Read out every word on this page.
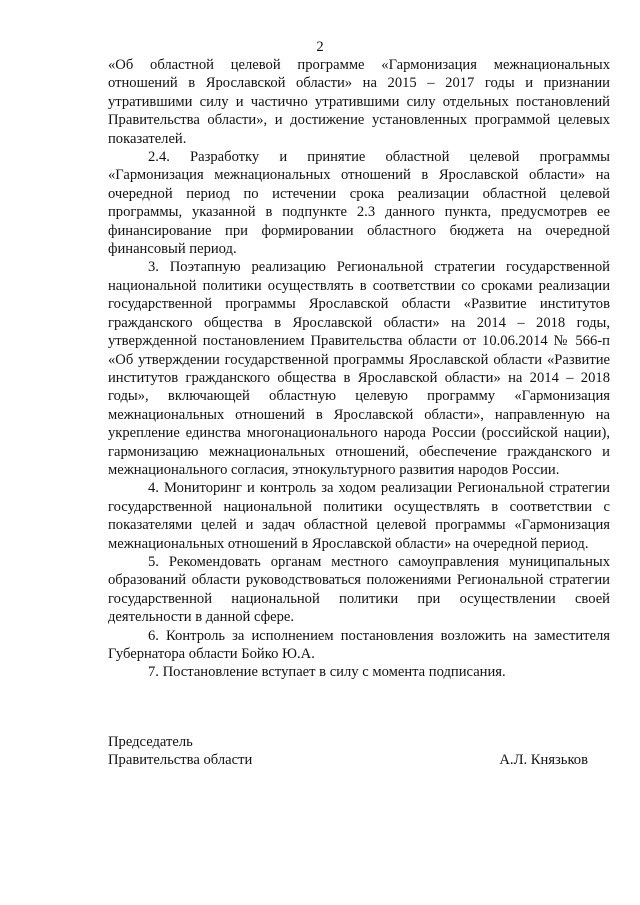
2

«Об областной целевой программе «Гармонизация межнациональных отношений в Ярославской области» на 2015 – 2017 годы и признании утратившими силу и частично утратившими силу отдельных постановлений Правительства области», и достижение установленных программой целевых показателей.

2.4. Разработку и принятие областной целевой программы «Гармонизация межнациональных отношений в Ярославской области» на очередной период по истечении срока реализации областной целевой программы, указанной в подпункте 2.3 данного пункта, предусмотрев ее финансирование при формировании областного бюджета на очередной финансовый период.

3. Поэтапную реализацию Региональной стратегии государственной национальной политики осуществлять в соответствии со сроками реализации государственной программы Ярославской области «Развитие институтов гражданского общества в Ярославской области» на 2014 – 2018 годы, утвержденной постановлением Правительства области от 10.06.2014 № 566-п «Об утверждении государственной программы Ярославской области «Развитие институтов гражданского общества в Ярославской области» на 2014 – 2018 годы», включающей областную целевую программу «Гармонизация межнациональных отношений в Ярославской области», направленную на укрепление единства многонационального народа России (российской нации), гармонизацию межнациональных отношений, обеспечение гражданского и межнационального согласия, этнокультурного развития народов России.

4. Мониторинг и контроль за ходом реализации Региональной стратегии государственной национальной политики осуществлять в соответствии с показателями целей и задач областной целевой программы «Гармонизация межнациональных отношений в Ярославской области» на очередной период.

5. Рекомендовать органам местного самоуправления муниципальных образований области руководствоваться положениями Региональной стратегии государственной национальной политики при осуществлении своей деятельности в данной сфере.

6. Контроль за исполнением постановления возложить на заместителя Губернатора области Бойко Ю.А.

7. Постановление вступает в силу с момента подписания.

Председатель
Правительства области	А.Л. Князьков
